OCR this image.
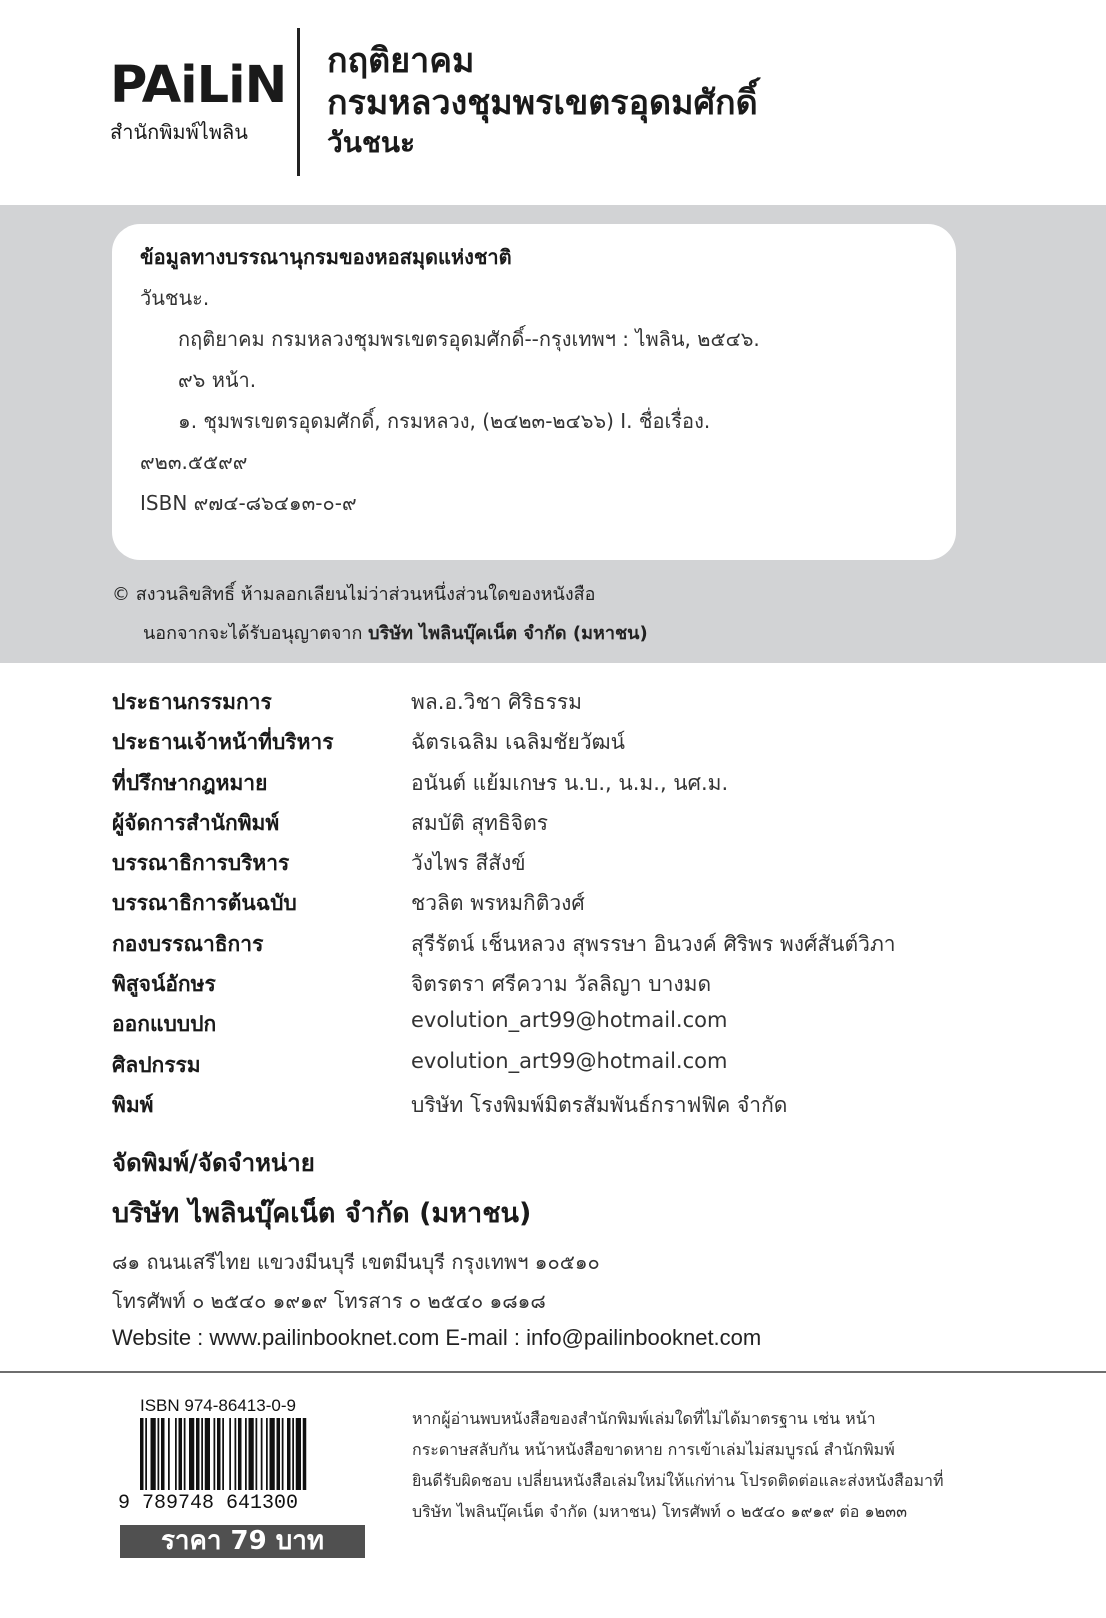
PAiLiN
สำนักพิมพ์ไพลิน
กฤติยาคม
กรมหลวงชุมพรเขตรอุดมศักดิ์
วันชนะ
ข้อมูลทางบรรณานุกรมของหอสมุดแห่งชาติ
วันชนะ.
กฤติยาคม กรมหลวงชุมพรเขตรอุดมศักดิ์--กรุงเทพฯ : ไพลิน, ๒๕๔๖.
๙๖ หน้า.
๑. ชุมพรเขตรอุดมศักดิ์, กรมหลวง, (๒๔๒๓-๒๔๖๖) I. ชื่อเรื่อง.
๙๒๓.๕๕๙๙
ISBN ๙๗๔-๘๖๔๑๓-๐-๙
© สงวนลิขสิทธิ์ ห้ามลอกเลียนไม่ว่าส่วนหนึ่งส่วนใดของหนังสือ
นอกจากจะได้รับอนุญาตจาก บริษัท ไพลินบุ๊คเน็ต จำกัด (มหาชน)
ประธานกรรมการ	พล.อ.วิชา ศิริธรรม
ประธานเจ้าหน้าที่บริหาร	ฉัตรเฉลิม เฉลิมชัยวัฒน์
ที่ปรึกษากฎหมาย	อนันต์ แย้มเกษร น.บ., น.ม., นศ.ม.
ผู้จัดการสำนักพิมพ์	สมบัติ สุทธิจิตร
บรรณาธิการบริหาร	วังไพร สีสังข์
บรรณาธิการต้นฉบับ	ชวลิต พรหมกิติวงศ์
กองบรรณาธิการ	สุรีรัตน์ เช็นหลวง สุพรรษา อินวงค์ ศิริพร พงศ์สันต์วิภา
พิสูจน์อักษร	จิตรตรา ศรีความ วัลลิญา บางมด
ออกแบบปก	evolution_art99@hotmail.com
ศิลปกรรม	evolution_art99@hotmail.com
พิมพ์	บริษัท โรงพิมพ์มิตรสัมพันธ์กราฟฟิค จำกัด
จัดพิมพ์/จัดจำหน่าย
บริษัท ไพลินบุ๊คเน็ต จำกัด (มหาชน)
๘๑ ถนนเสรีไทย แขวงมีนบุรี เขตมีนบุรี กรุงเทพฯ ๑๐๕๑๐
โทรศัพท์ ๐ ๒๕๔๐ ๑๙๑๙ โทรสาร ๐ ๒๕๔๐ ๑๘๑๘
Website : www.pailinbooknet.com E-mail : info@pailinbooknet.com
ISBN 974-86413-0-9
9 789748 641300
ราคา 79 บาท
หากผู้อ่านพบหนังสือของสำนักพิมพ์เล่มใดที่ไม่ได้มาตรฐาน เช่น หน้า
กระดาษสลับกัน หน้าหนังสือขาดหาย การเข้าเล่มไม่สมบูรณ์ สำนักพิมพ์
ยินดีรับผิดชอบ เปลี่ยนหนังสือเล่มใหม่ให้แก่ท่าน โปรดติดต่อและส่งหนังสือมาที่
บริษัท ไพลินบุ๊คเน็ต จำกัด (มหาชน) โทรศัพท์ ๐ ๒๕๔๐ ๑๙๑๙ ต่อ ๑๒๓๓
